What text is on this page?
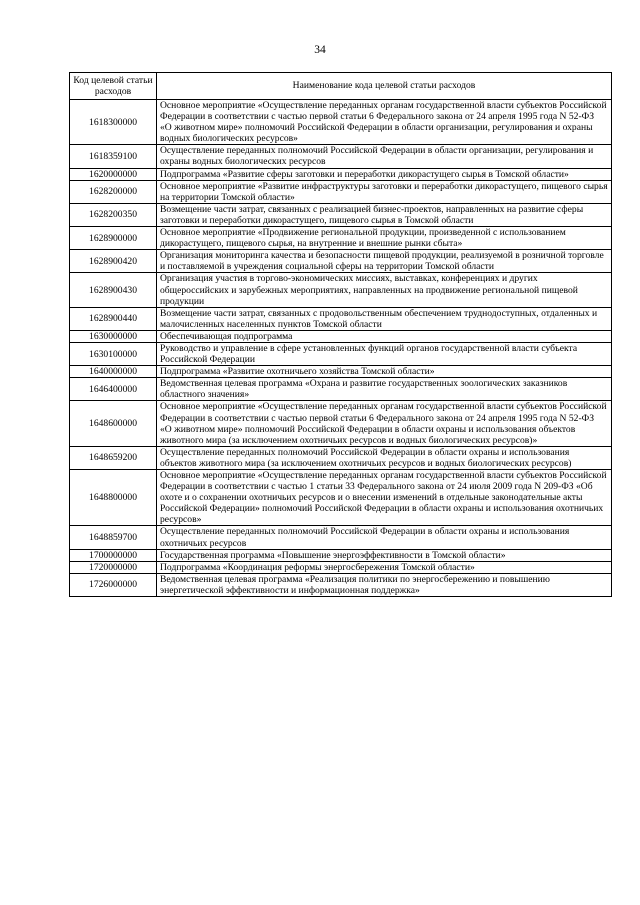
34
Код целевой статьи расходов	Наименование кода целевой статьи расходов
1618300000	Основное мероприятие «Осуществление переданных органам государственной власти субъектов Российской Федерации в соответствии с частью первой статьи 6 Федерального закона от 24 апреля 1995 года N 52-ФЗ «О животном мире» полномочий Российской Федерации в области организации, регулирования и охраны водных биологических ресурсов»
1618359100	Осуществление переданных полномочий Российской Федерации в области организации, регулирования и охраны водных биологических ресурсов
1620000000	Подпрограмма «Развитие сферы заготовки и переработки дикорастущего сырья в Томской области»
1628200000	Основное мероприятие «Развитие инфраструктуры заготовки и переработки дикорастущего, пищевого сырья на территории Томской области»
1628200350	Возмещение части затрат, связанных с реализацией бизнес-проектов, направленных на развитие сферы заготовки и переработки дикорастущего, пищевого сырья в Томской области
1628900000	Основное мероприятие «Продвижение региональной продукции, произведенной с использованием дикорастущего, пищевого сырья, на внутренние и внешние рынки сбыта»
1628900420	Организация мониторинга качества и безопасности пищевой продукции, реализуемой в розничной торговле и поставляемой в учреждения социальной сферы на территории Томской области
1628900430	Организация участия в торгово-экономических миссиях, выставках, конференциях и других общероссийских и зарубежных мероприятиях, направленных на продвижение региональной пищевой продукции
1628900440	Возмещение части затрат, связанных с продовольственным обеспечением труднодоступных, отдаленных и малочисленных населенных пунктов Томской области
1630000000	Обеспечивающая подпрограмма
1630100000	Руководство и управление в сфере установленных функций органов государственной власти субъекта Российской Федерации
1640000000	Подпрограмма «Развитие охотничьего хозяйства Томской области»
1646400000	Ведомственная целевая программа «Охрана и развитие государственных зоологических заказников областного значения»
1648600000	Основное мероприятие «Осуществление переданных органам государственной власти субъектов Российской Федерации в соответствии с частью первой статьи 6 Федерального закона от 24 апреля 1995 года N 52-ФЗ «О животном мире» полномочий Российской Федерации в области охраны и использования объектов животного мира (за исключением охотничьих ресурсов и водных биологических ресурсов)»
1648659200	Осуществление переданных полномочий Российской Федерации в области охраны и использования объектов животного мира (за исключением охотничьих ресурсов и водных биологических ресурсов)
1648800000	Основное мероприятие «Осуществление переданных органам государственной власти субъектов Российской Федерации в соответствии с частью 1 статьи 33 Федерального закона от 24 июля 2009 года N 209-ФЗ «Об охоте и о сохранении охотничьих ресурсов и о внесении изменений в отдельные законодательные акты Российской Федерации» полномочий Российской Федерации в области охраны и использования охотничьих ресурсов»
1648859700	Осуществление переданных полномочий Российской Федерации в области охраны и использования охотничьих ресурсов
1700000000	Государственная программа «Повышение энергоэффективности в Томской области»
1720000000	Подпрограмма «Координация реформы энергосбережения Томской области»
1726000000	Ведомственная целевая программа «Реализация политики по энергосбережению и повышению энергетической эффективности и информационная поддержка»
